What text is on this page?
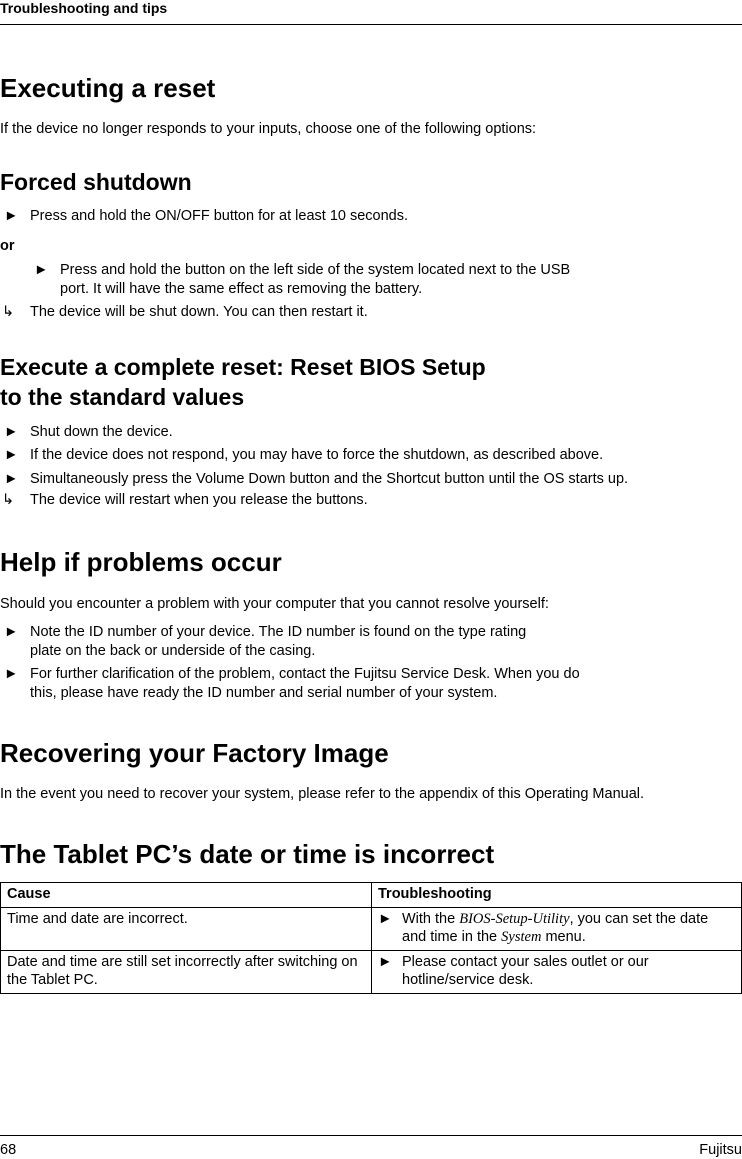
Troubleshooting and tips
Executing a reset
If the device no longer responds to your inputs, choose one of the following options:
Forced shutdown
► Press and hold the ON/OFF button for at least 10 seconds.
or
► Press and hold the button on the left side of the system located next to the USB
port. It will have the same effect as removing the battery.
↳ The device will be shut down. You can then restart it.
Execute a complete reset: Reset BIOS Setup
to the standard values
► Shut down the device.
► If the device does not respond, you may have to force the shutdown, as described above.
► Simultaneously press the Volume Down button and the Shortcut button until the OS starts up.
↳ The device will restart when you release the buttons.
Help if problems occur
Should you encounter a problem with your computer that you cannot resolve yourself:
► Note the ID number of your device. The ID number is found on the type rating
plate on the back or underside of the casing.
► For further clarification of the problem, contact the Fujitsu Service Desk. When you do
this, please have ready the ID number and serial number of your system.
Recovering your Factory Image
In the event you need to recover your system, please refer to the appendix of this Operating Manual.
The Tablet PC’s date or time is incorrect
Cause	Troubleshooting
Time and date are incorrect.	► With the BIOS-Setup-Utility, you can set the date and time in the System menu.

Date and time are still set incorrectly after switching on the Tablet PC.	► Please contact your sales outlet or our hotline/service desk.
68	Fujitsu
